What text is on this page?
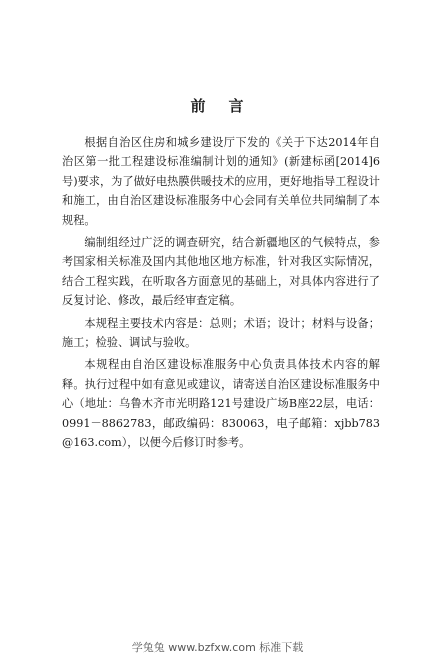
前 言

根据自治区住房和城乡建设厅下发的《关于下达2014年自治区第一批工程建设标准编制计划的通知》(新建标函[2014]6号)要求，为了做好电热膜供暖技术的应用，更好地指导工程设计和施工，由自治区建设标准服务中心会同有关单位共同编制了本规程。

编制组经过广泛的调查研究，结合新疆地区的气候特点，参考国家相关标准及国内其他地区地方标准，针对我区实际情况，结合工程实践，在听取各方面意见的基础上，对具体内容进行了反复讨论、修改，最后经审查定稿。

本规程主要技术内容是：总则；术语；设计；材料与设备；施工；检验、调试与验收。

本规程由自治区建设标准服务中心负责具体技术内容的解释。执行过程中如有意见或建议，请寄送自治区建设标准服务中心（地址：乌鲁木齐市光明路121号建设广场B座22层，电话：0991－8862783，邮政编码：830063，电子邮箱：xjbb783@163.com），以便今后修订时参考。

学兔兔 www.bzfxw.com 标准下载
